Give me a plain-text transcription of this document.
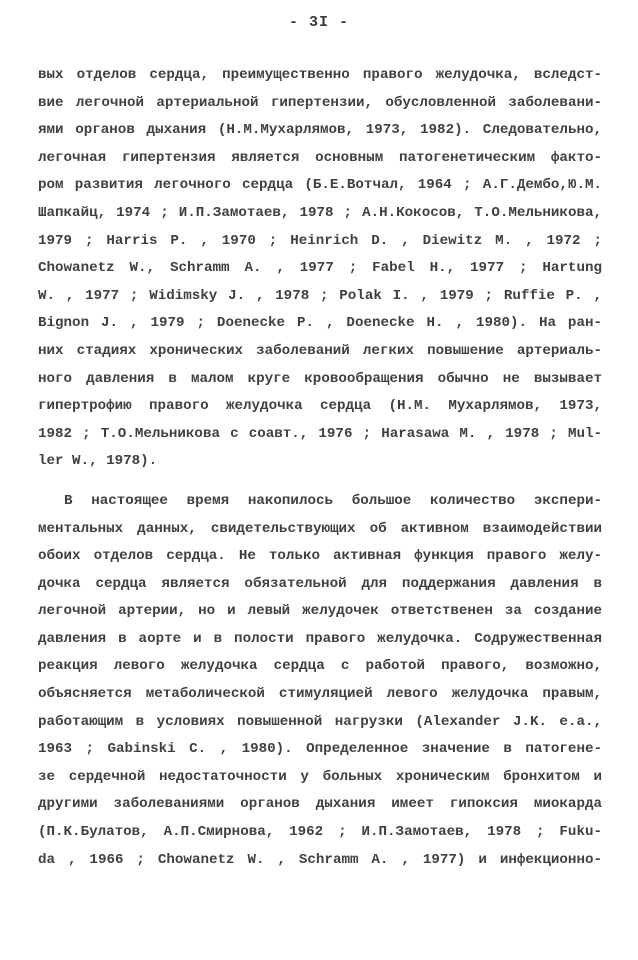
- 3I -
вых отделов сердца, преимущественно правого желудочка, вследст-
вие легочной артериальной гипертензии, обусловленной заболевани-
ями органов дыхания (Н.М.Мухарлямов, 1973, 1982). Следовательно,
легочная гипертензия является основным патогенетическим факто-
ром развития легочного сердца (Б.Е.Вотчал, 1964 ; А.Г.Дембо,Ю.М.
Шапкайц, 1974 ; И.П.Замотаев, 1978 ; А.Н.Кокосов, Т.О.Мельникова,
1979 ; Harris P. , 1970 ; Heinrich D. , Diewitz M. , 1972 ;
Chowanetz W., Schramm A. , 1977 ; Fabel H., 1977 ; Hartung
W. , 1977 ; Widimsky J. , 1978 ; Polak I. , 1979 ; Ruffie P. ,
Bignon J. , 1979 ; Doenecke P. , Doenecke H. , 1980). На ран-
них стадиях хронических заболеваний легких повышение артериаль-
ного давления в малом круге кровообращения обычно не вызывает
гипертрофию правого желудочка сердца (Н.М. Мухарлямов, 1973,
1982 ; Т.О.Мельникова с соавт., 1976 ; Harasawa M. , 1978 ; Mul-
ler W., 1978).
В настоящее время накопилось большое количество экспери-
ментальных данных, свидетельствующих об активном взаимодействии
обоих отделов сердца. Не только активная функция правого желу-
дочка сердца является обязательной для поддержания давления в
легочной артерии, но и левый желудочек ответственен за создание
давления в аорте и в полости правого желудочка. Содружественная
реакция левого желудочка сердца с работой правого, возможно,
объясняется метаболической стимуляцией левого желудочка правым,
работающим в условиях повышенной нагрузки (Alexander J.K. e.a.,
1963 ; Gabinski C. , 1980). Определенное значение в патогене-
зе сердечной недостаточности у больных хроническим бронхитом и
другими заболеваниями органов дыхания имеет гипоксия миокарда
(П.К.Булатов, А.П.Смирнова, 1962 ; И.П.Замотаев, 1978 ; Fuku-
da , 1966 ; Chowanetz W. , Schramm A. , 1977) и инфекционно-
